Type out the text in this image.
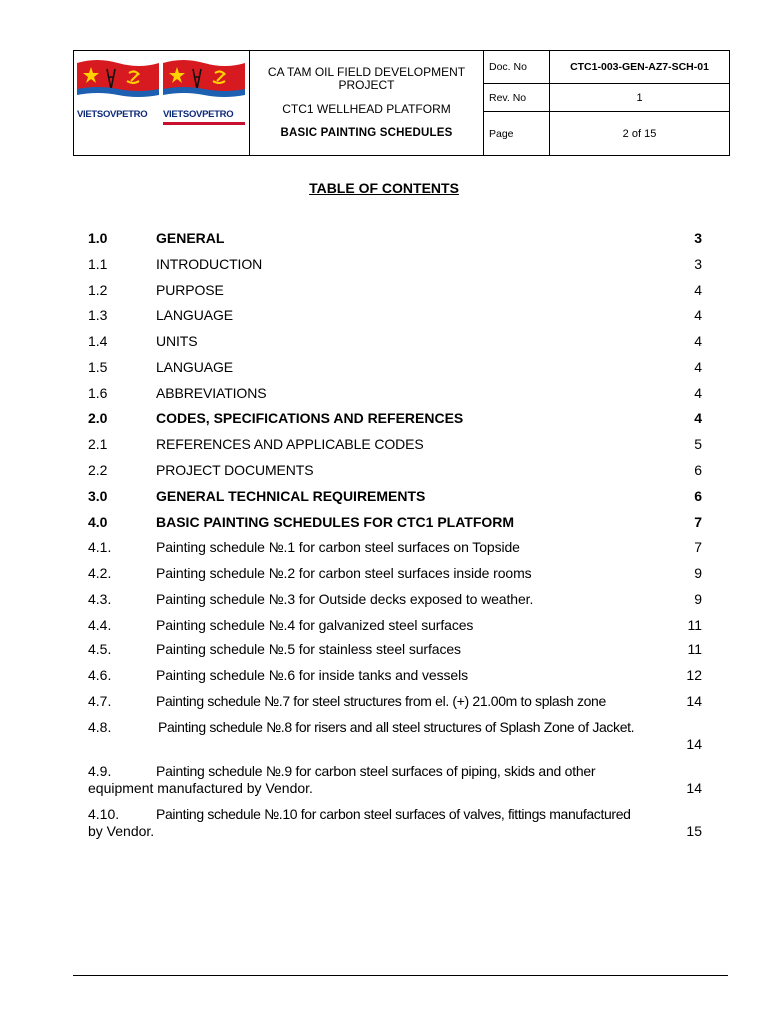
VIETSOVPETRO VIETSOVPETRO	CA TAM OIL FIELD DEVELOPMENT
PROJECT
CTC1 WELLHEAD PLATFORM
BASIC PAINTING SCHEDULES	Doc. No	CTC1-003-GEN-AZ7-SCH-01
		Rev. No	1
		Page	2 of 15
TABLE OF CONTENTS
1.0	GENERAL	3
1.1	INTRODUCTION	3
1.2	PURPOSE	4
1.3	LANGUAGE	4
1.4	UNITS	4
1.5	LANGUAGE	4
1.6	ABBREVIATIONS	4
2.0	CODES, SPECIFICATIONS AND REFERENCES	4
2.1	REFERENCES AND APPLICABLE CODES	5
2.2	PROJECT DOCUMENTS	6
3.0	GENERAL TECHNICAL REQUIREMENTS	6
4.0	BASIC PAINTING SCHEDULES FOR CTC1 PLATFORM	7
4.1.	Painting schedule №.1 for carbon steel surfaces on Topside	7
4.2.	Painting schedule №.2 for carbon steel surfaces inside rooms	9
4.3.	Painting schedule №.3 for Outside decks exposed to weather.	9
4.4.	Painting schedule №.4 for galvanized steel surfaces	11
4.5.	Painting schedule №.5 for stainless steel surfaces	11
4.6.	Painting schedule №.6 for inside tanks and vessels	12
4.7.	Painting schedule №.7 for steel structures from el. (+) 21.00m to splash zone	14
4.8.	Painting schedule №.8 for risers and all steel structures of Splash Zone of Jacket.
14
4.9.	Painting schedule №.9 for carbon steel surfaces of piping, skids and other
equipment manufactured by Vendor.	14
4.10.	Painting schedule №.10 for carbon steel surfaces of valves, fittings manufactured
by Vendor.	15
